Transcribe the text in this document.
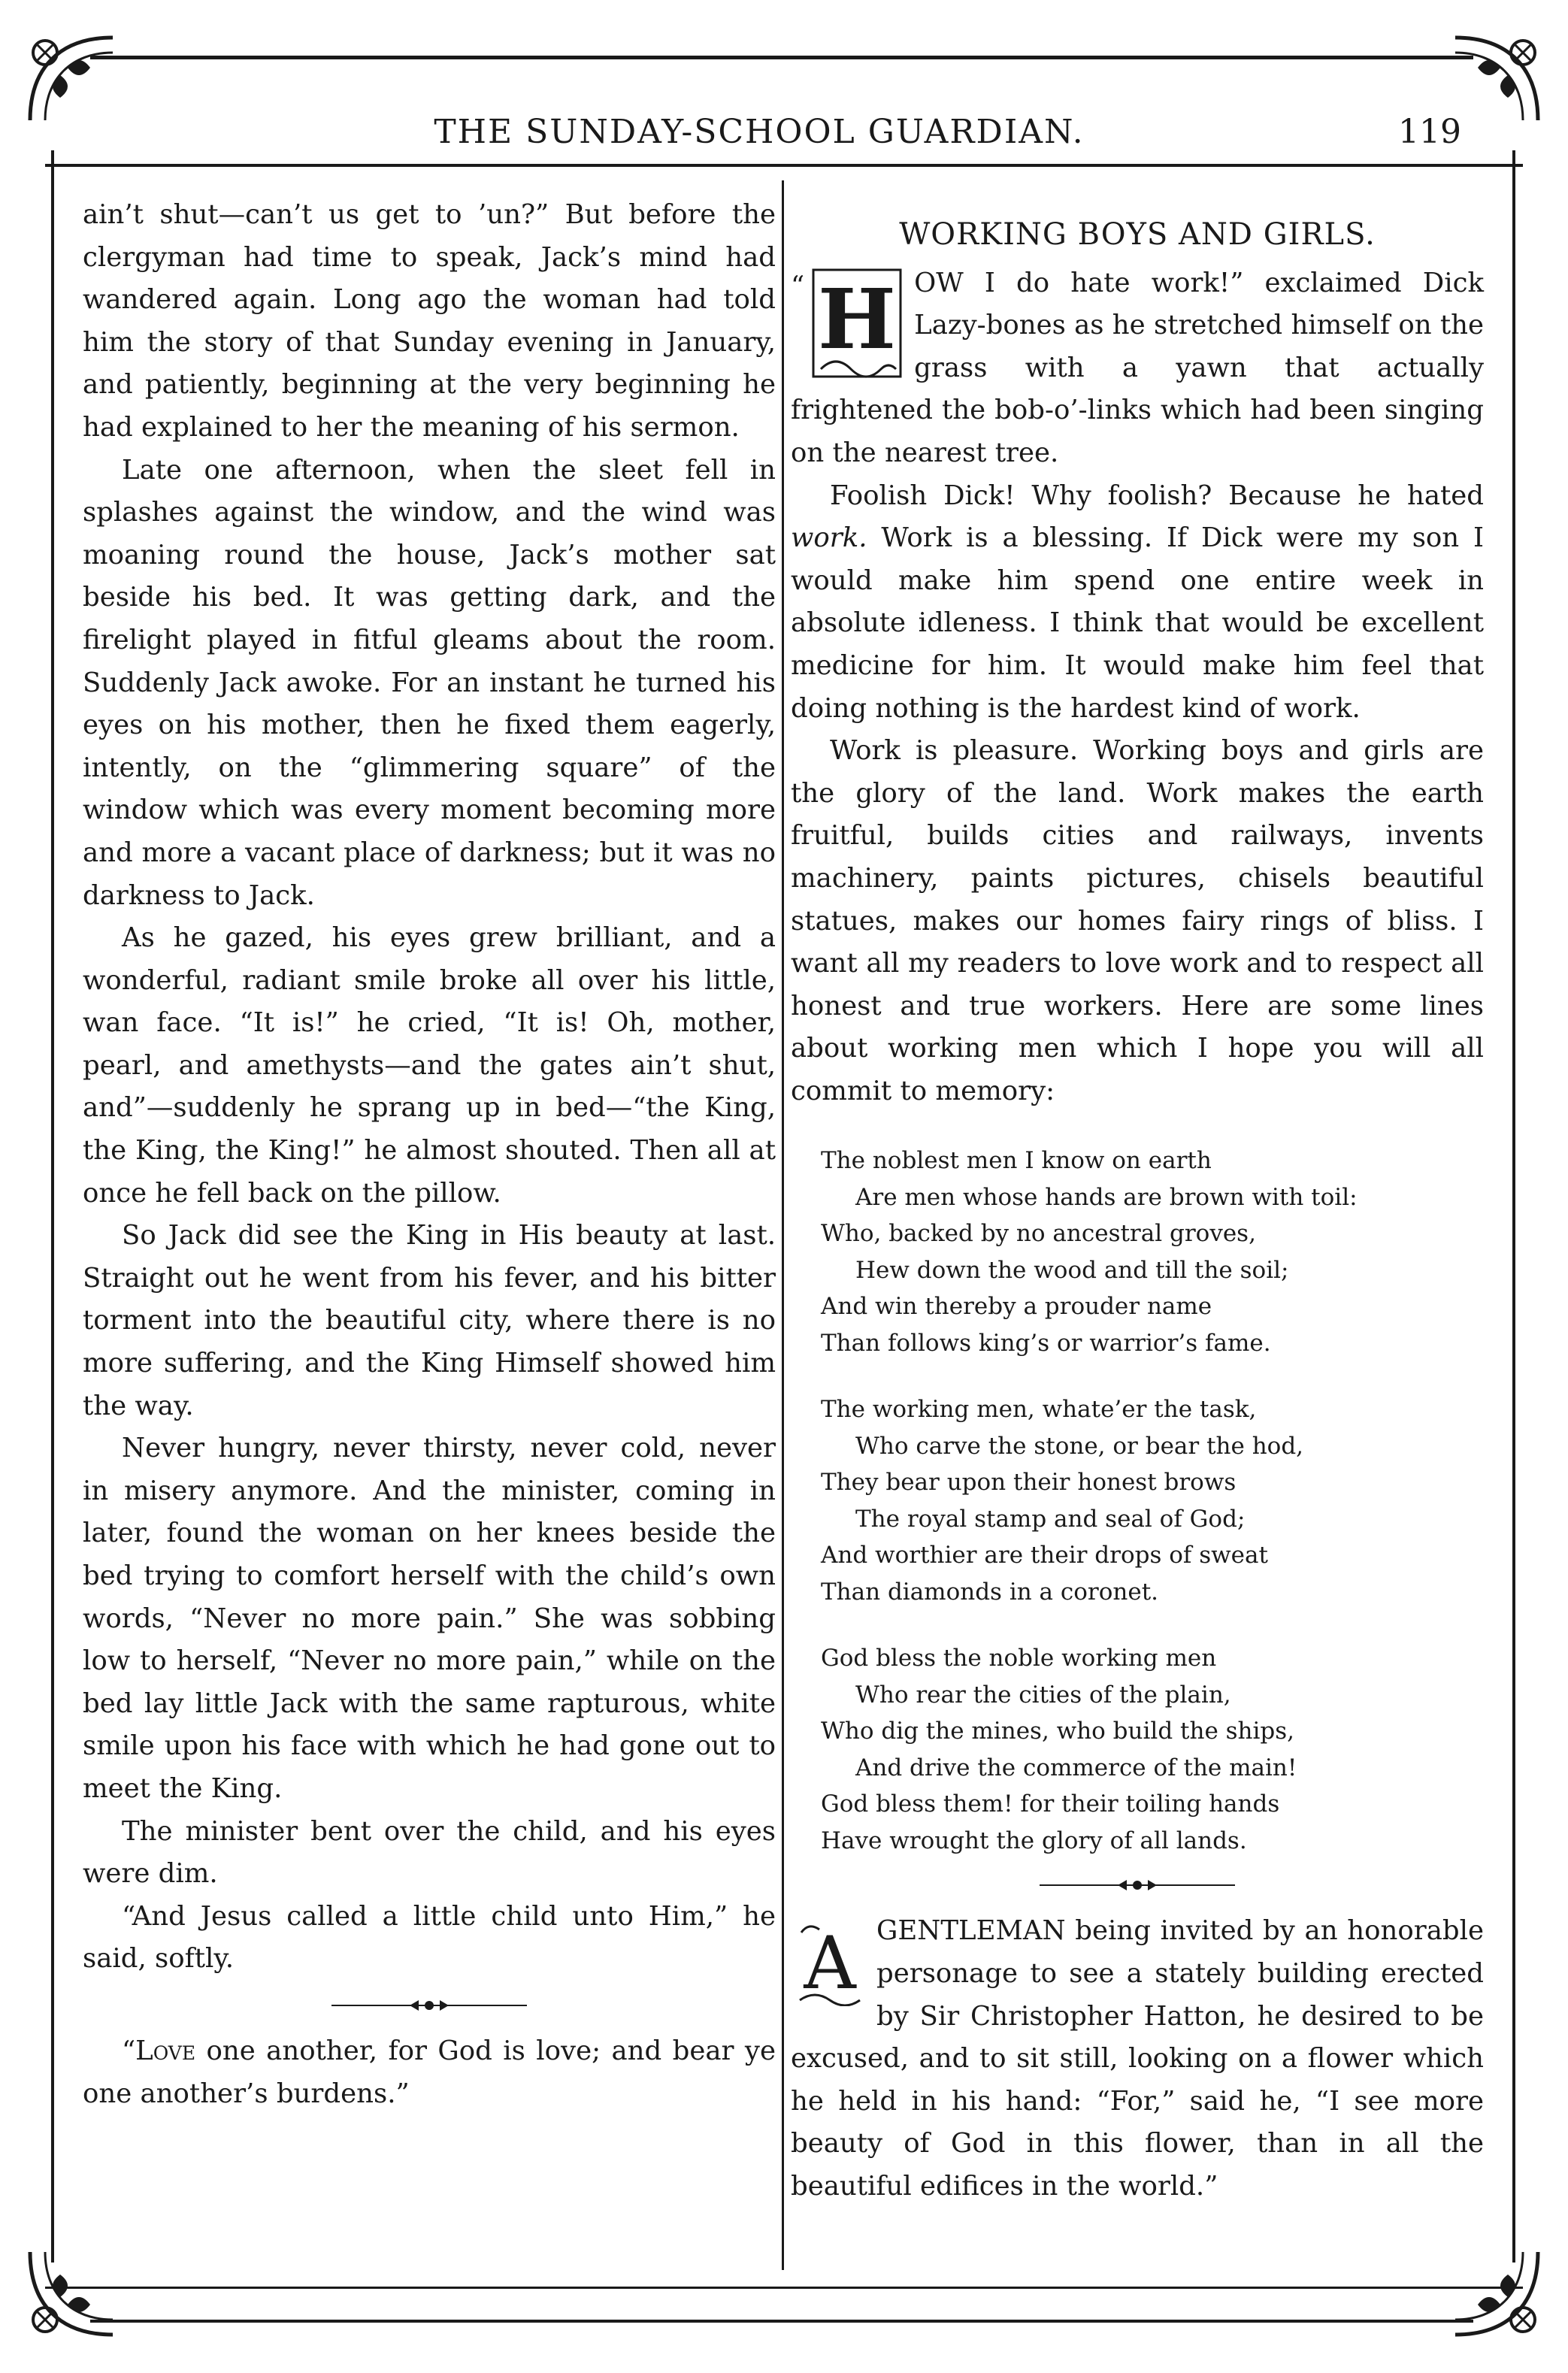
THE SUNDAY-SCHOOL GUARDIAN.	119

ain’t shut—can’t us get to ’un?” But before the clergyman had time to speak, Jack’s mind had wandered again. Long ago the woman had told him the story of that Sunday evening in January, and patiently, beginning at the very beginning he had explained to her the meaning of his sermon.

Late one afternoon, when the sleet fell in splashes against the window, and the wind was moaning round the house, Jack’s mother sat beside his bed. It was getting dark, and the firelight played in fitful gleams about the room. Suddenly Jack awoke. For an instant he turned his eyes on his mother, then he fixed them eagerly, intently, on the “glimmering square” of the window which was every moment becoming more and more a vacant place of darkness; but it was no darkness to Jack.

As he gazed, his eyes grew brilliant, and a wonderful, radiant smile broke all over his little, wan face. “It is!” he cried, “It is! Oh, mother, pearl, and amethysts—and the gates ain’t shut, and”—suddenly he sprang up in bed—“the King, the King, the King!” he almost shouted. Then all at once he fell back on the pillow.

So Jack did see the King in His beauty at last. Straight out he went from his fever, and his bitter torment into the beautiful city, where there is no more suffering, and the King Himself showed him the way.

Never hungry, never thirsty, never cold, never in misery anymore. And the minister, coming in later, found the woman on her knees beside the bed trying to comfort herself with the child’s own words, “Never no more pain.” She was sobbing low to herself, “Never no more pain,” while on the bed lay little Jack with the same rapturous, white smile upon his face with which he had gone out to meet the King.

The minister bent over the child, and his eyes were dim.

“And Jesus called a little child unto Him,” he said, softly.

“Love one another, for God is love; and bear ye one another’s burdens.”

WORKING BOYS AND GIRLS.

“ H OW I do hate work!” exclaimed Dick Lazy-bones as he stretched himself on the grass with a yawn that actually frightened the bob-o’-links which had been singing on the nearest tree.

Foolish Dick! Why foolish? Because he hated work. Work is a blessing. If Dick were my son I would make him spend one entire week in absolute idleness. I think that would be excellent medicine for him. It would make him feel that doing nothing is the hardest kind of work.

Work is pleasure. Working boys and girls are the glory of the land. Work makes the earth fruitful, builds cities and railways, invents machinery, paints pictures, chisels beautiful statues, makes our homes fairy rings of bliss. I want all my readers to love work and to respect all honest and true workers. Here are some lines about working men which I hope you will all commit to memory:

The noblest men I know on earth
Are men whose hands are brown with toil:
Who, backed by no ancestral groves,
Hew down the wood and till the soil;
And win thereby a prouder name
Than follows king’s or warrior’s fame.
The working men, whate’er the task,
Who carve the stone, or bear the hod,
They bear upon their honest brows
The royal stamp and seal of God;
And worthier are their drops of sweat
Than diamonds in a coronet.
God bless the noble working men
Who rear the cities of the plain,
Who dig the mines, who build the ships,
And drive the commerce of the main!
God bless them! for their toiling hands
Have wrought the glory of all lands.

A GENTLEMAN being invited by an honorable personage to see a stately building erected by Sir Christopher Hatton, he desired to be excused, and to sit still, looking on a flower which he held in his hand: “For,” said he, “I see more beauty of God in this flower, than in all the beautiful edifices in the world.”
